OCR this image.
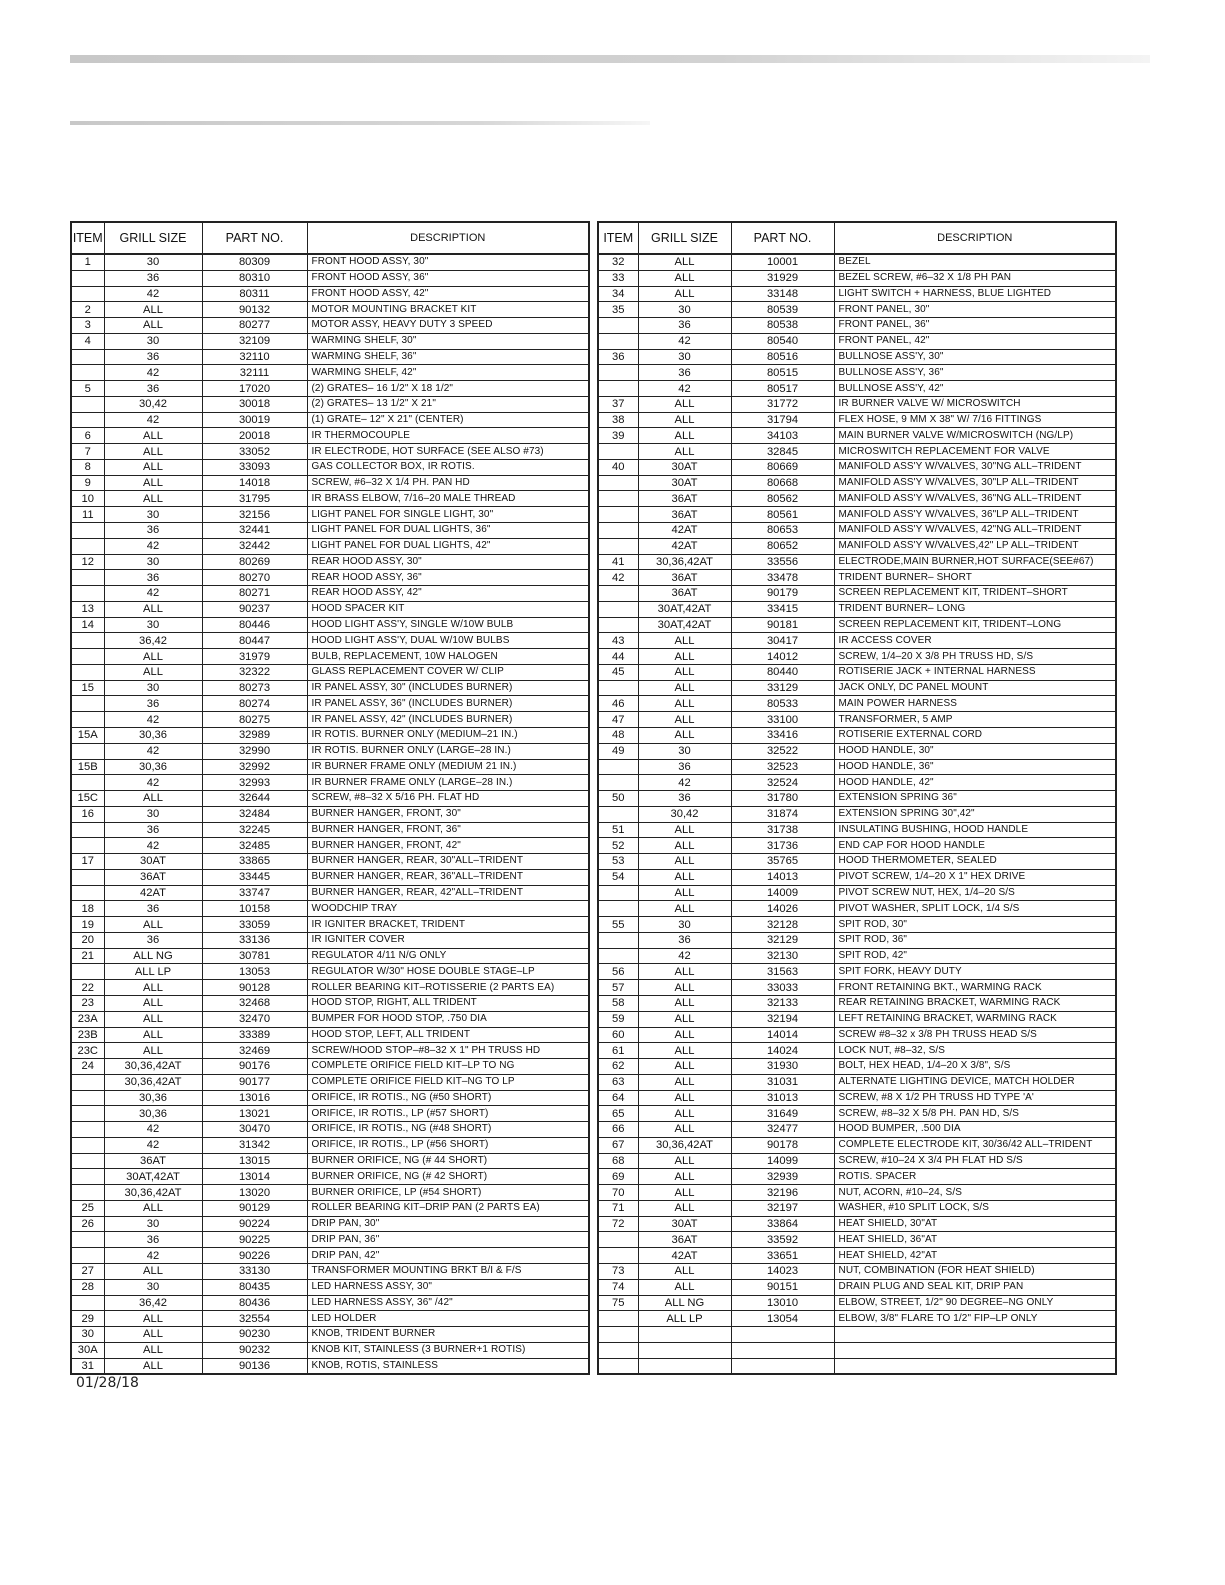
ITEM	GRILL SIZE	PART NO.	DESCRIPTION
1	30	80309	FRONT HOOD ASSY, 30"
	36	80310	FRONT HOOD ASSY, 36"
	42	80311	FRONT HOOD ASSY, 42"
2	ALL	90132	MOTOR MOUNTING BRACKET KIT
3	ALL	80277	MOTOR ASSY, HEAVY DUTY 3 SPEED
4	30	32109	WARMING SHELF, 30"
	36	32110	WARMING SHELF, 36"
	42	32111	WARMING SHELF, 42"
5	36	17020	(2) GRATES– 16 1/2" X 18 1/2"
	30,42	30018	(2) GRATES– 13 1/2" X 21"
	42	30019	(1) GRATE– 12" X 21" (CENTER)
6	ALL	20018	IR THERMOCOUPLE
7	ALL	33052	IR ELECTRODE, HOT SURFACE (SEE ALSO #73)
8	ALL	33093	GAS COLLECTOR BOX, IR ROTIS.
9	ALL	14018	SCREW, #6–32 X 1/4 PH. PAN HD
10	ALL	31795	IR BRASS ELBOW, 7/16–20 MALE THREAD
11	30	32156	LIGHT PANEL FOR SINGLE LIGHT, 30"
	36	32441	LIGHT PANEL FOR DUAL LIGHTS, 36"
	42	32442	LIGHT PANEL FOR DUAL LIGHTS, 42"
12	30	80269	REAR HOOD ASSY, 30"
	36	80270	REAR HOOD ASSY, 36"
	42	80271	REAR HOOD ASSY, 42"
13	ALL	90237	HOOD SPACER KIT
14	30	80446	HOOD LIGHT ASS'Y, SINGLE W/10W BULB
	36,42	80447	HOOD LIGHT ASS'Y, DUAL W/10W BULBS
	ALL	31979	BULB, REPLACEMENT, 10W HALOGEN
	ALL	32322	GLASS REPLACEMENT COVER W/ CLIP
15	30	80273	IR PANEL ASSY, 30" (INCLUDES BURNER)
	36	80274	IR PANEL ASSY, 36" (INCLUDES BURNER)
	42	80275	IR PANEL ASSY, 42" (INCLUDES BURNER)
15A	30,36	32989	IR ROTIS. BURNER ONLY (MEDIUM–21 IN.)
	42	32990	IR ROTIS. BURNER ONLY (LARGE–28 IN.)
15B	30,36	32992	IR BURNER FRAME ONLY (MEDIUM 21 IN.)
	42	32993	IR BURNER FRAME ONLY (LARGE–28 IN.)
15C	ALL	32644	SCREW, #8–32 X 5/16 PH. FLAT HD
16	30	32484	BURNER HANGER, FRONT, 30"
	36	32245	BURNER HANGER, FRONT, 36"
	42	32485	BURNER HANGER, FRONT, 42"
17	30AT	33865	BURNER HANGER, REAR, 30"ALL–TRIDENT
	36AT	33445	BURNER HANGER, REAR, 36"ALL–TRIDENT
	42AT	33747	BURNER HANGER, REAR, 42"ALL–TRIDENT
18	36	10158	WOODCHIP TRAY
19	ALL	33059	IR IGNITER BRACKET, TRIDENT
20	36	33136	IR IGNITER COVER
21	ALL NG	30781	REGULATOR 4/11 N/G ONLY
	ALL LP	13053	REGULATOR W/30" HOSE DOUBLE STAGE–LP
22	ALL	90128	ROLLER BEARING KIT–ROTISSERIE (2 PARTS EA)
23	ALL	32468	HOOD STOP, RIGHT, ALL TRIDENT
23A	ALL	32470	BUMPER FOR HOOD STOP, .750 DIA
23B	ALL	33389	HOOD STOP, LEFT, ALL TRIDENT
23C	ALL	32469	SCREW/HOOD STOP–#8–32 X 1" PH TRUSS HD
24	30,36,42AT	90176	COMPLETE ORIFICE FIELD KIT–LP TO NG
	30,36,42AT	90177	COMPLETE ORIFICE FIELD KIT–NG TO LP
	30,36	13016	ORIFICE, IR ROTIS., NG (#50 SHORT)
	30,36	13021	ORIFICE, IR ROTIS., LP (#57 SHORT)
	42	30470	ORIFICE, IR ROTIS., NG (#48 SHORT)
	42	31342	ORIFICE, IR ROTIS., LP (#56 SHORT)
	36AT	13015	BURNER ORIFICE, NG (# 44 SHORT)
	30AT,42AT	13014	BURNER ORIFICE, NG (# 42 SHORT)
	30,36,42AT	13020	BURNER ORIFICE, LP (#54 SHORT)
25	ALL	90129	ROLLER BEARING KIT–DRIP PAN (2 PARTS EA)
26	30	90224	DRIP PAN, 30"
	36	90225	DRIP PAN, 36"
	42	90226	DRIP PAN, 42"
27	ALL	33130	TRANSFORMER MOUNTING BRKT B/I & F/S
28	30	80435	LED HARNESS ASSY, 30"
	36,42	80436	LED HARNESS ASSY, 36" /42"
29	ALL	32554	LED HOLDER
30	ALL	90230	KNOB, TRIDENT BURNER
30A	ALL	90232	KNOB KIT, STAINLESS (3 BURNER+1 ROTIS)
31	ALL	90136	KNOB, ROTIS, STAINLESS
ITEM	GRILL SIZE	PART NO.	DESCRIPTION
32	ALL	10001	BEZEL
33	ALL	31929	BEZEL SCREW, #6–32 X 1/8 PH PAN
34	ALL	33148	LIGHT SWITCH + HARNESS, BLUE LIGHTED
35	30	80539	FRONT PANEL, 30"
	36	80538	FRONT PANEL, 36"
	42	80540	FRONT PANEL, 42"
36	30	80516	BULLNOSE ASS'Y, 30"
	36	80515	BULLNOSE ASS'Y, 36"
	42	80517	BULLNOSE ASS'Y, 42"
37	ALL	31772	IR BURNER VALVE W/ MICROSWITCH
38	ALL	31794	FLEX HOSE, 9 MM X 38" W/ 7/16 FITTINGS
39	ALL	34103	MAIN BURNER VALVE W/MICROSWITCH (NG/LP)
	ALL	32845	MICROSWITCH REPLACEMENT FOR VALVE
40	30AT	80669	MANIFOLD ASS'Y W/VALVES, 30"NG ALL–TRIDENT
	30AT	80668	MANIFOLD ASS'Y W/VALVES, 30"LP ALL–TRIDENT
	36AT	80562	MANIFOLD ASS'Y W/VALVES, 36"NG ALL–TRIDENT
	36AT	80561	MANIFOLD ASS'Y W/VALVES, 36"LP ALL–TRIDENT
	42AT	80653	MANIFOLD ASS'Y W/VALVES, 42"NG ALL–TRIDENT
	42AT	80652	MANIFOLD ASS'Y W/VALVES,42" LP ALL–TRIDENT
41	30,36,42AT	33556	ELECTRODE,MAIN BURNER,HOT SURFACE(SEE#67)
42	36AT	33478	TRIDENT BURNER– SHORT
	36AT	90179	SCREEN REPLACEMENT KIT, TRIDENT–SHORT
	30AT,42AT	33415	TRIDENT BURNER– LONG
	30AT,42AT	90181	SCREEN REPLACEMENT KIT, TRIDENT–LONG
43	ALL	30417	IR ACCESS COVER
44	ALL	14012	SCREW, 1/4–20 X 3/8 PH TRUSS HD, S/S
45	ALL	80440	ROTISERIE JACK + INTERNAL HARNESS
	ALL	33129	JACK ONLY, DC PANEL MOUNT
46	ALL	80533	MAIN POWER HARNESS
47	ALL	33100	TRANSFORMER, 5 AMP
48	ALL	33416	ROTISERIE EXTERNAL CORD
49	30	32522	HOOD HANDLE, 30"
	36	32523	HOOD HANDLE, 36"
	42	32524	HOOD HANDLE, 42"
50	36	31780	EXTENSION SPRING 36"
	30,42	31874	EXTENSION SPRING 30",42"
51	ALL	31738	INSULATING BUSHING, HOOD HANDLE
52	ALL	31736	END CAP FOR HOOD HANDLE
53	ALL	35765	HOOD THERMOMETER, SEALED
54	ALL	14013	PIVOT SCREW, 1/4–20 X 1" HEX DRIVE
	ALL	14009	PIVOT SCREW NUT, HEX, 1/4–20 S/S
	ALL	14026	PIVOT WASHER, SPLIT LOCK, 1/4 S/S
55	30	32128	SPIT ROD, 30"
	36	32129	SPIT ROD, 36"
	42	32130	SPIT ROD, 42"
56	ALL	31563	SPIT FORK, HEAVY DUTY
57	ALL	33033	FRONT RETAINING BKT., WARMING RACK
58	ALL	32133	REAR RETAINING BRACKET, WARMING RACK
59	ALL	32194	LEFT RETAINING BRACKET, WARMING RACK
60	ALL	14014	SCREW #8–32 x 3/8 PH TRUSS HEAD S/S
61	ALL	14024	LOCK NUT, #8–32, S/S
62	ALL	31930	BOLT, HEX HEAD, 1/4–20 X 3/8", S/S
63	ALL	31031	ALTERNATE LIGHTING DEVICE, MATCH HOLDER
64	ALL	31013	SCREW, #8 X 1/2 PH TRUSS HD TYPE 'A'
65	ALL	31649	SCREW, #8–32 X 5/8 PH. PAN HD, S/S
66	ALL	32477	HOOD BUMPER, .500 DIA
67	30,36,42AT	90178	COMPLETE ELECTRODE KIT, 30/36/42 ALL–TRIDENT
68	ALL	14099	SCREW, #10–24 X 3/4 PH FLAT HD S/S
69	ALL	32939	ROTIS. SPACER
70	ALL	32196	NUT, ACORN, #10–24, S/S
71	ALL	32197	WASHER, #10 SPLIT LOCK, S/S
72	30AT	33864	HEAT SHIELD, 30"AT
	36AT	33592	HEAT SHIELD, 36"AT
	42AT	33651	HEAT SHIELD, 42"AT
73	ALL	14023	NUT, COMBINATION (FOR HEAT SHIELD)
74	ALL	90151	DRAIN PLUG AND SEAL KIT, DRIP PAN
75	ALL NG	13010	ELBOW, STREET, 1/2" 90 DEGREE–NG ONLY
	ALL LP	13054	ELBOW, 3/8" FLARE TO 1/2" FIP–LP ONLY

01/28/18
